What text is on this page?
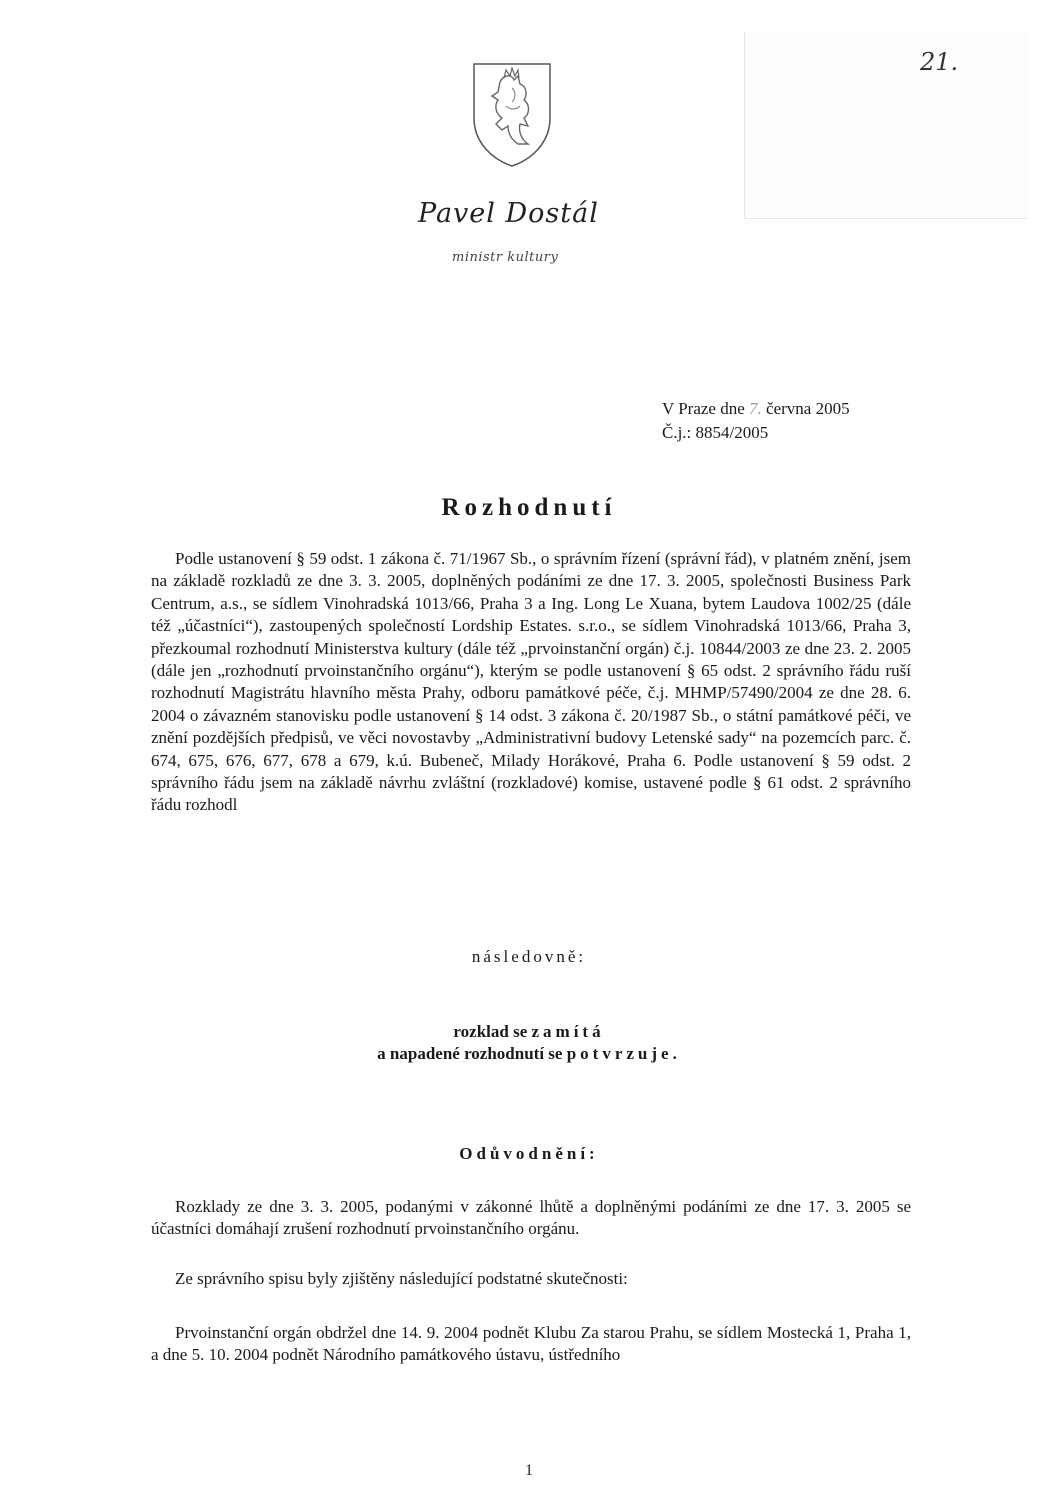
21.
Pavel Dostál
ministr kultury
V Praze dne 7. června 2005
Č.j.: 8854/2005
Rozhodnutí
Podle ustanovení § 59 odst. 1 zákona č. 71/1967 Sb., o správním řízení (správní řád), v platném znění, jsem na základě rozkladů ze dne 3. 3. 2005, doplněných podáními ze dne 17. 3. 2005, společnosti Business Park Centrum, a.s., se sídlem Vinohradská 1013/66, Praha 3 a Ing. Long Le Xuana, bytem Laudova 1002/25 (dále též „účastníci“), zastoupených společností Lordship Estates. s.r.o., se sídlem Vinohradská 1013/66, Praha 3, přezkoumal rozhodnutí Ministerstva kultury (dále též „prvoinstanční orgán) č.j. 10844/2003 ze dne 23. 2. 2005 (dále jen „rozhodnutí prvoinstančního orgánu“), kterým se podle ustanovení § 65 odst. 2 správního řádu ruší rozhodnutí Magistrátu hlavního města Prahy, odboru památkové péče, č.j. MHMP/57490/2004 ze dne 28. 6. 2004 o závazném stanovisku podle ustanovení § 14 odst. 3 zákona č. 20/1987 Sb., o státní památkové péči, ve znění pozdějších předpisů, ve věci novostavby „Administrativní budovy Letenské sady“ na pozemcích parc. č. 674, 675, 676, 677, 678 a 679, k.ú. Bubeneč, Milady Horákové, Praha 6. Podle ustanovení § 59 odst. 2 správního řádu jsem na základě návrhu zvláštní (rozkladové) komise, ustavené podle § 61 odst. 2 správního řádu rozhodl
následovně:
rozklad se zamítá
a napadené rozhodnutí se potvrzuje.
Odůvodnění:
Rozklady ze dne 3. 3. 2005, podanými v zákonné lhůtě a doplněnými podáními ze dne 17. 3. 2005 se účastníci domáhají zrušení rozhodnutí prvoinstančního orgánu.
Ze správního spisu byly zjištěny následující podstatné skutečnosti:
Prvoinstanční orgán obdržel dne 14. 9. 2004 podnět Klubu Za starou Prahu, se sídlem Mostecká 1, Praha 1, a dne 5. 10. 2004 podnět Národního památkového ústavu, ústředního
1
